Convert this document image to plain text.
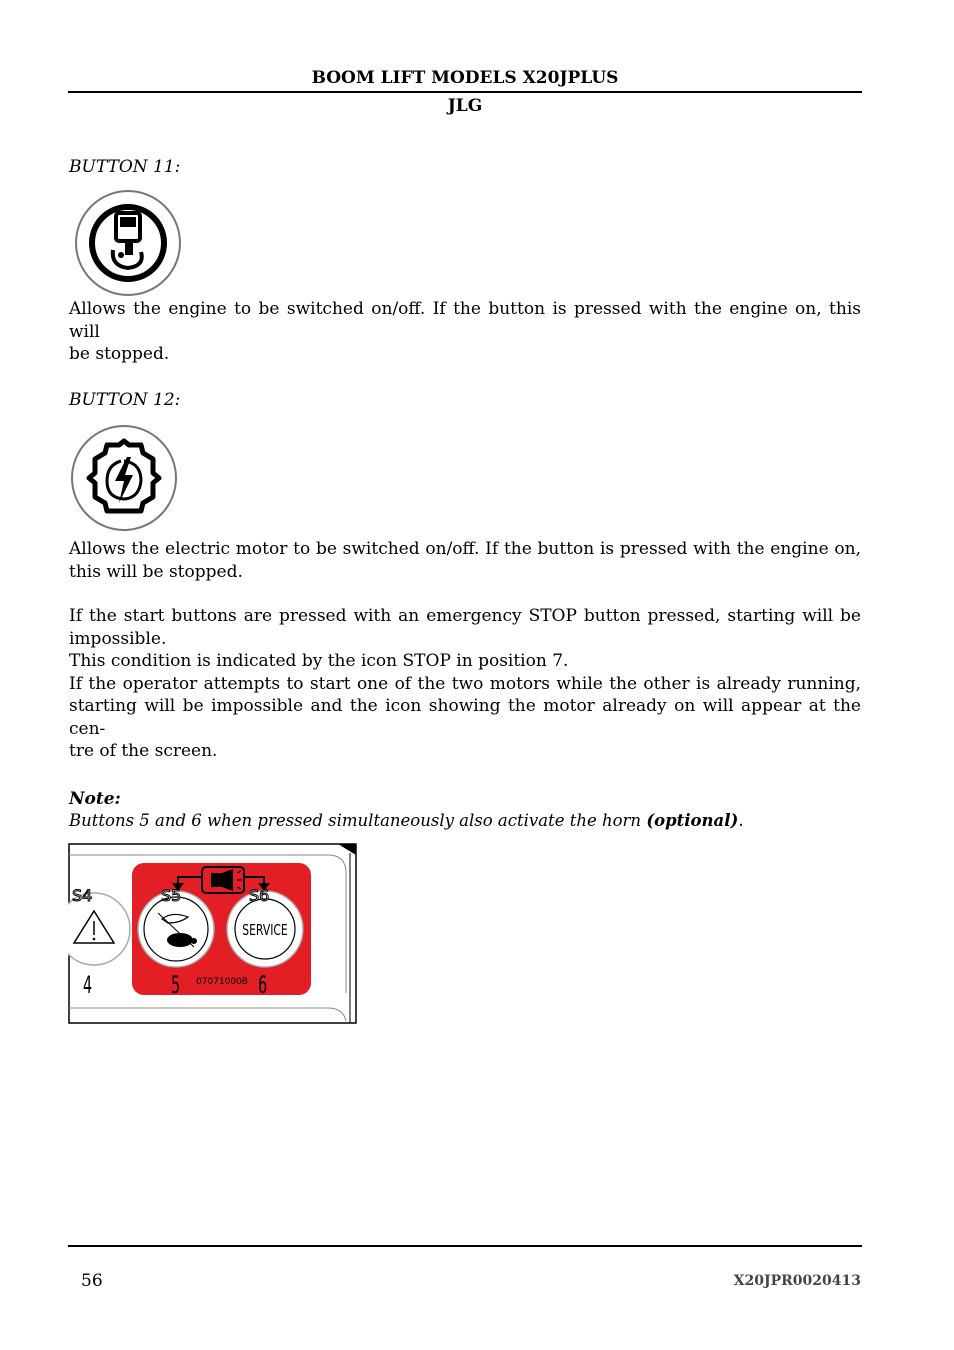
BOOM LIFT MODELS X20JPLUS
JLG
BUTTON 11:
Allows the engine to be switched on/off. If the button is pressed with the engine on, this will
be stopped.
BUTTON 12:
Allows the electric motor to be switched on/off. If the button is pressed with the engine on,
this will be stopped.
If the start buttons are pressed with an emergency STOP button pressed, starting will be
impossible.
This condition is indicated by the icon STOP in position 7.
If the operator attempts to start one of the two motors while the other is already running,
starting will be impossible and the icon showing the motor already on will appear at the cen-
tre of the screen.
Note:
Buttons 5 and 6 when pressed simultaneously also activate the horn (optional).
S4	S5	S6
SERVICE
4	5	6
07071000B
56	X20JPR0020413
